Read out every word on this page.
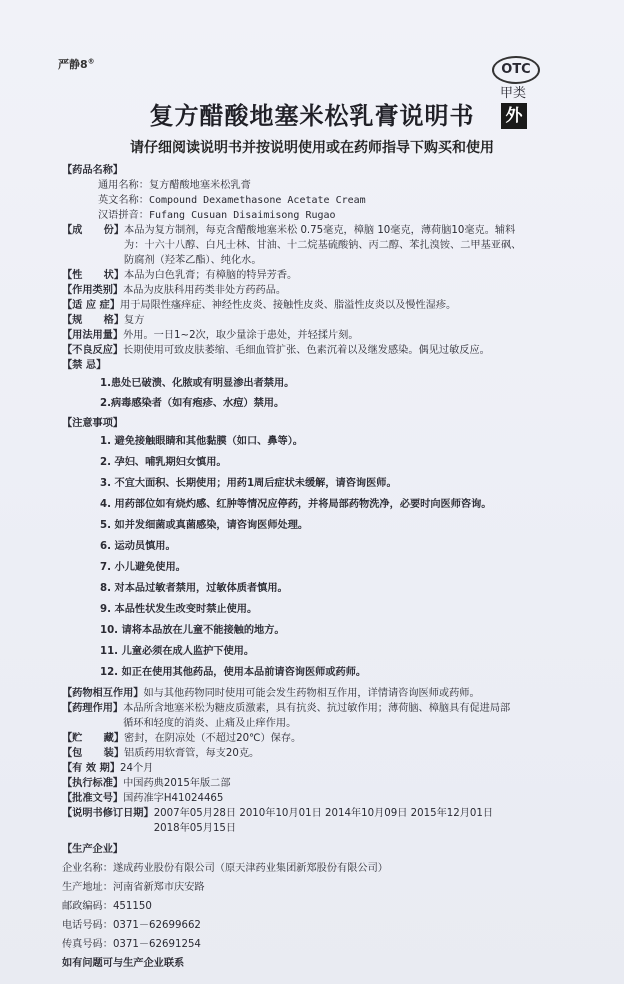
严静8®
OTC
甲类
外
复方醋酸地塞米松乳膏说明书
请仔细阅读说明书并按说明使用或在药师指导下购买和使用
【药品名称】
通用名称： 复方醋酸地塞米松乳膏
英文名称： Compound Dexamethasone Acetate Cream
汉语拼音： Fufang Cusuan Disaimisong Rugao
【成      份】 本品为复方制剂，每克含醋酸地塞米松 0.75毫克，樟脑 10毫克，薄荷脑10毫克。辅料
为：十六十八醇、白凡士林、甘油、十二烷基硫酸钠、丙二醇、苯扎溴铵、二甲基亚砜、
防腐剂（羟苯乙酯）、纯化水。
【性      状】 本品为白色乳膏；有樟脑的特异芳香。
【作用类别】 本品为皮肤科用药类非处方药药品。
【适 应 症】 用于局限性瘙痒症、神经性皮炎、接触性皮炎、脂溢性皮炎以及慢性湿疹。
【规      格】 复方
【用法用量】 外用。一日1~2次，取少量涂于患处，并轻揉片刻。
【不良反应】 长期使用可致皮肤萎缩、毛细血管扩张、色素沉着以及继发感染。偶见过敏反应。
【禁 忌】
1.患处已破溃、化脓或有明显渗出者禁用。
2.病毒感染者（如有疱疹、水痘）禁用。
【注意事项】
1. 避免接触眼睛和其他黏膜（如口、鼻等）。
2. 孕妇、哺乳期妇女慎用。
3. 不宜大面积、长期使用；用药1周后症状未缓解，请咨询医师。
4. 用药部位如有烧灼感、红肿等情况应停药，并将局部药物洗净，必要时向医师咨询。
5. 如并发细菌或真菌感染，请咨询医师处理。
6. 运动员慎用。
7. 小儿避免使用。
8. 对本品过敏者禁用，过敏体质者慎用。
9. 本品性状发生改变时禁止使用。
10. 请将本品放在儿童不能接触的地方。
11. 儿童必须在成人监护下使用。
12. 如正在使用其他药品，使用本品前请咨询医师或药师。
【药物相互作用】 如与其他药物同时使用可能会发生药物相互作用，详情请咨询医师或药师。
【药理作用】 本品所含地塞米松为糖皮质激素，具有抗炎、抗过敏作用；薄荷脑、樟脑具有促进局部
循环和轻度的消炎、止痛及止痒作用。
【贮      藏】 密封，在阴凉处（不超过20℃）保存。
【包      装】 铝质药用软膏管，每支20克。
【有 效 期】 24个月
【执行标准】 中国药典2015年版二部
【批准文号】 国药准字H41024465
【说明书修订日期】 2007年05月28日 2010年10月01日 2014年10月09日 2015年12月01日
2018年05月15日
【生产企业】
企业名称： 遂成药业股份有限公司（原天津药业集团新郑股份有限公司）
生产地址： 河南省新郑市庆安路
邮政编码： 451150
电话号码： 0371－62699662
传真号码： 0371－62691254
如有问题可与生产企业联系
